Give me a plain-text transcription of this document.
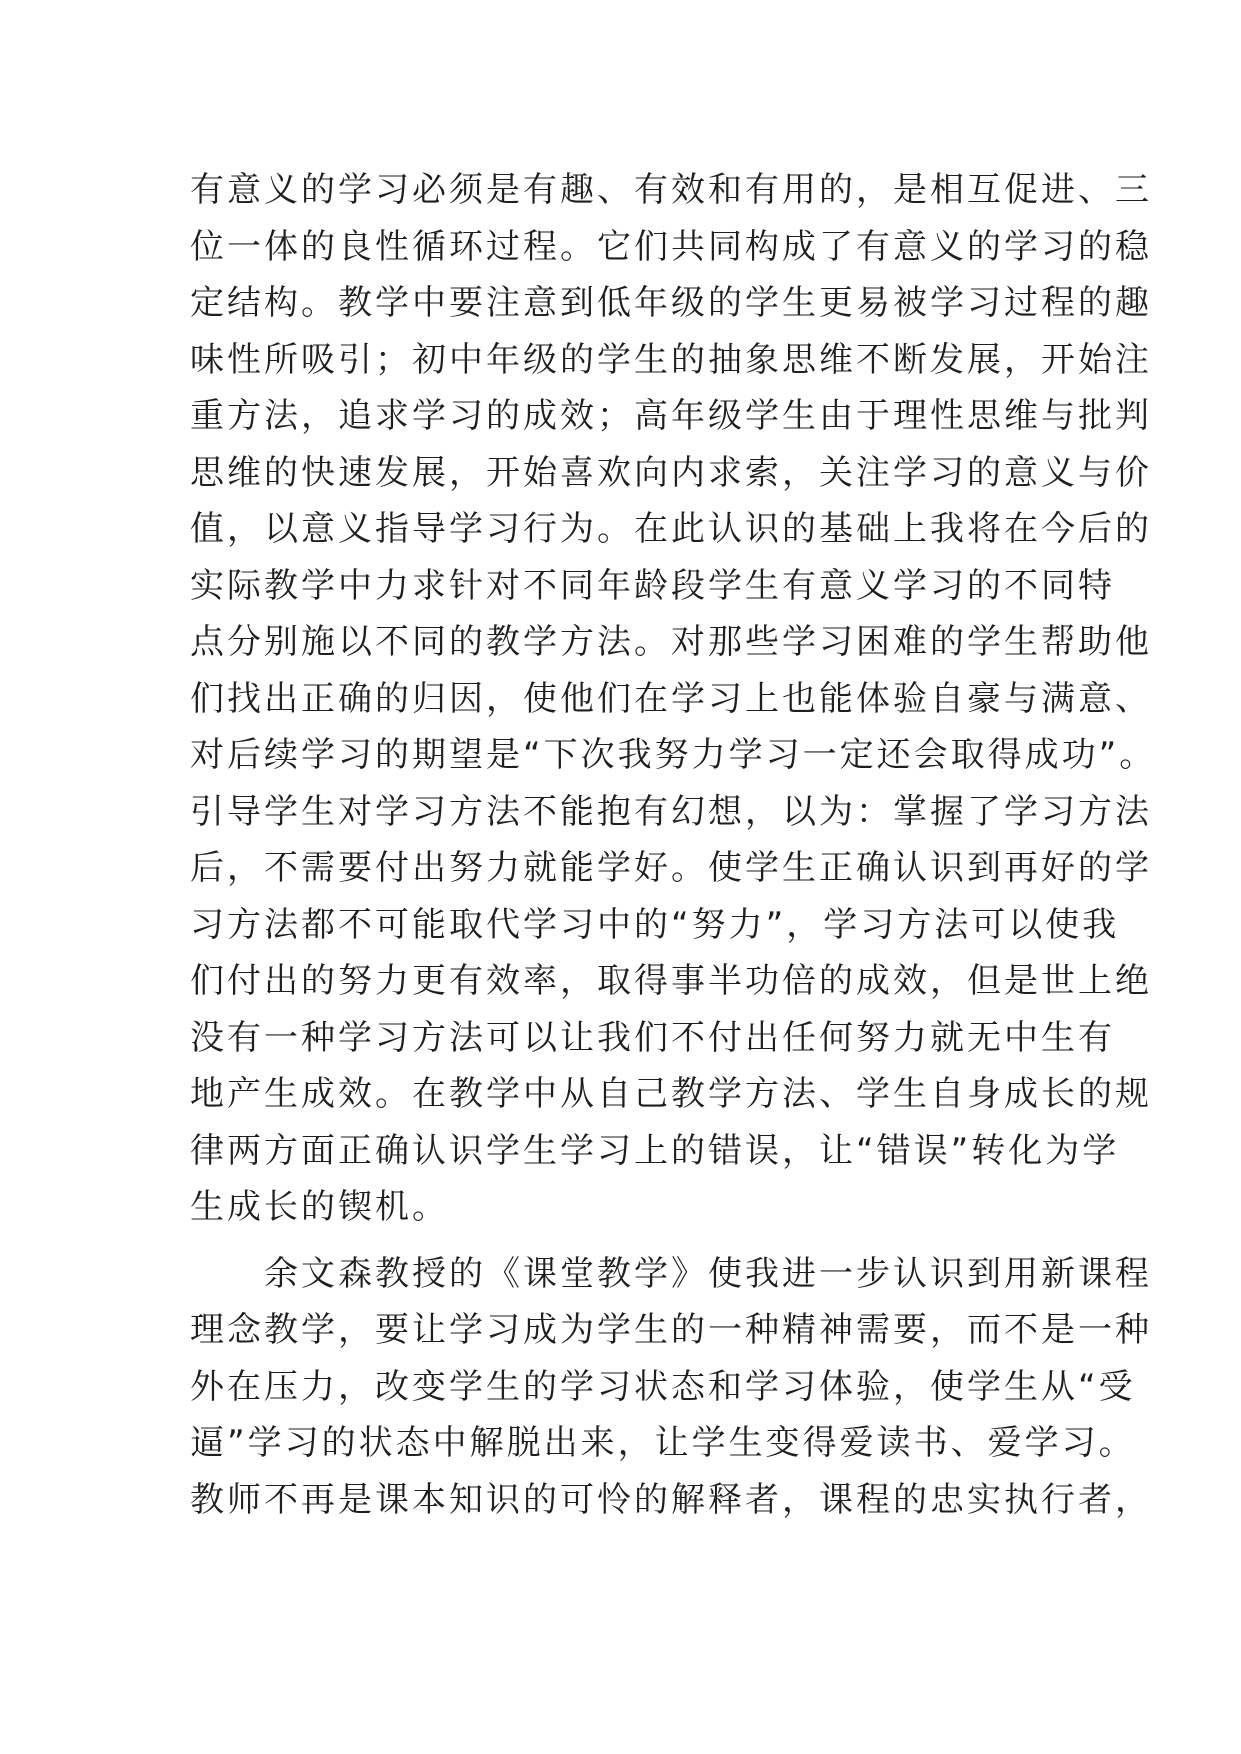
有意义的学习必须是有趣、有效和有用的，是相互促进、三
位一体的良性循环过程。它们共同构成了有意义的学习的稳
定结构。教学中要注意到低年级的学生更易被学习过程的趣
味性所吸引；初中年级的学生的抽象思维不断发展，开始注
重方法，追求学习的成效；高年级学生由于理性思维与批判
思维的快速发展，开始喜欢向内求索，关注学习的意义与价
值，以意义指导学习行为。在此认识的基础上我将在今后的
实际教学中力求针对不同年龄段学生有意义学习的不同特
点分别施以不同的教学方法。对那些学习困难的学生帮助他
们找出正确的归因，使他们在学习上也能体验自豪与满意、
对后续学习的期望是“下次我努力学习一定还会取得成功”。
引导学生对学习方法不能抱有幻想，以为：掌握了学习方法
后，不需要付出努力就能学好。使学生正确认识到再好的学
习方法都不可能取代学习中的“努力”，学习方法可以使我
们付出的努力更有效率，取得事半功倍的成效，但是世上绝
没有一种学习方法可以让我们不付出任何努力就无中生有
地产生成效。在教学中从自己教学方法、学生自身成长的规
律两方面正确认识学生学习上的错误，让“错误”转化为学
生成长的锲机。
余文森教授的《课堂教学》使我进一步认识到用新课程
理念教学，要让学习成为学生的一种精神需要，而不是一种
外在压力，改变学生的学习状态和学习体验，使学生从“受
逼”学习的状态中解脱出来，让学生变得爱读书、爱学习。
教师不再是课本知识的可怜的解释者，课程的忠实执行者，
